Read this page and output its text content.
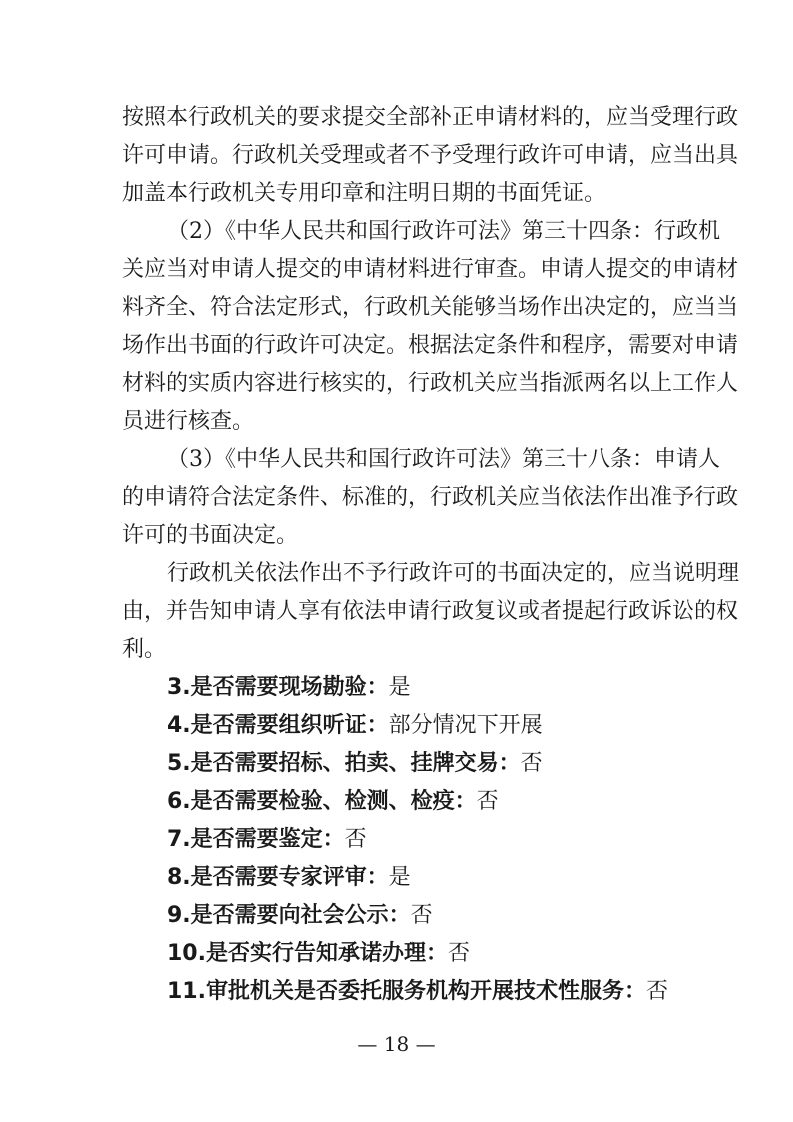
按照本行政机关的要求提交全部补正申请材料的，应当受理行政
许可申请。行政机关受理或者不予受理行政许可申请，应当出具
加盖本行政机关专用印章和注明日期的书面凭证。
（2）《中华人民共和国行政许可法》第三十四条：行政机
关应当对申请人提交的申请材料进行审查。申请人提交的申请材
料齐全、符合法定形式，行政机关能够当场作出决定的，应当当
场作出书面的行政许可决定。根据法定条件和程序，需要对申请
材料的实质内容进行核实的，行政机关应当指派两名以上工作人
员进行核查。
（3）《中华人民共和国行政许可法》第三十八条：申请人
的申请符合法定条件、标准的，行政机关应当依法作出准予行政
许可的书面决定。
行政机关依法作出不予行政许可的书面决定的，应当说明理
由，并告知申请人享有依法申请行政复议或者提起行政诉讼的权
利。
3.是否需要现场勘验：是
4.是否需要组织听证：部分情况下开展
5.是否需要招标、拍卖、挂牌交易：否
6.是否需要检验、检测、检疫：否
7.是否需要鉴定：否
8.是否需要专家评审：是
9.是否需要向社会公示：否
10.是否实行告知承诺办理：否
11.审批机关是否委托服务机构开展技术性服务：否
— 18 —
